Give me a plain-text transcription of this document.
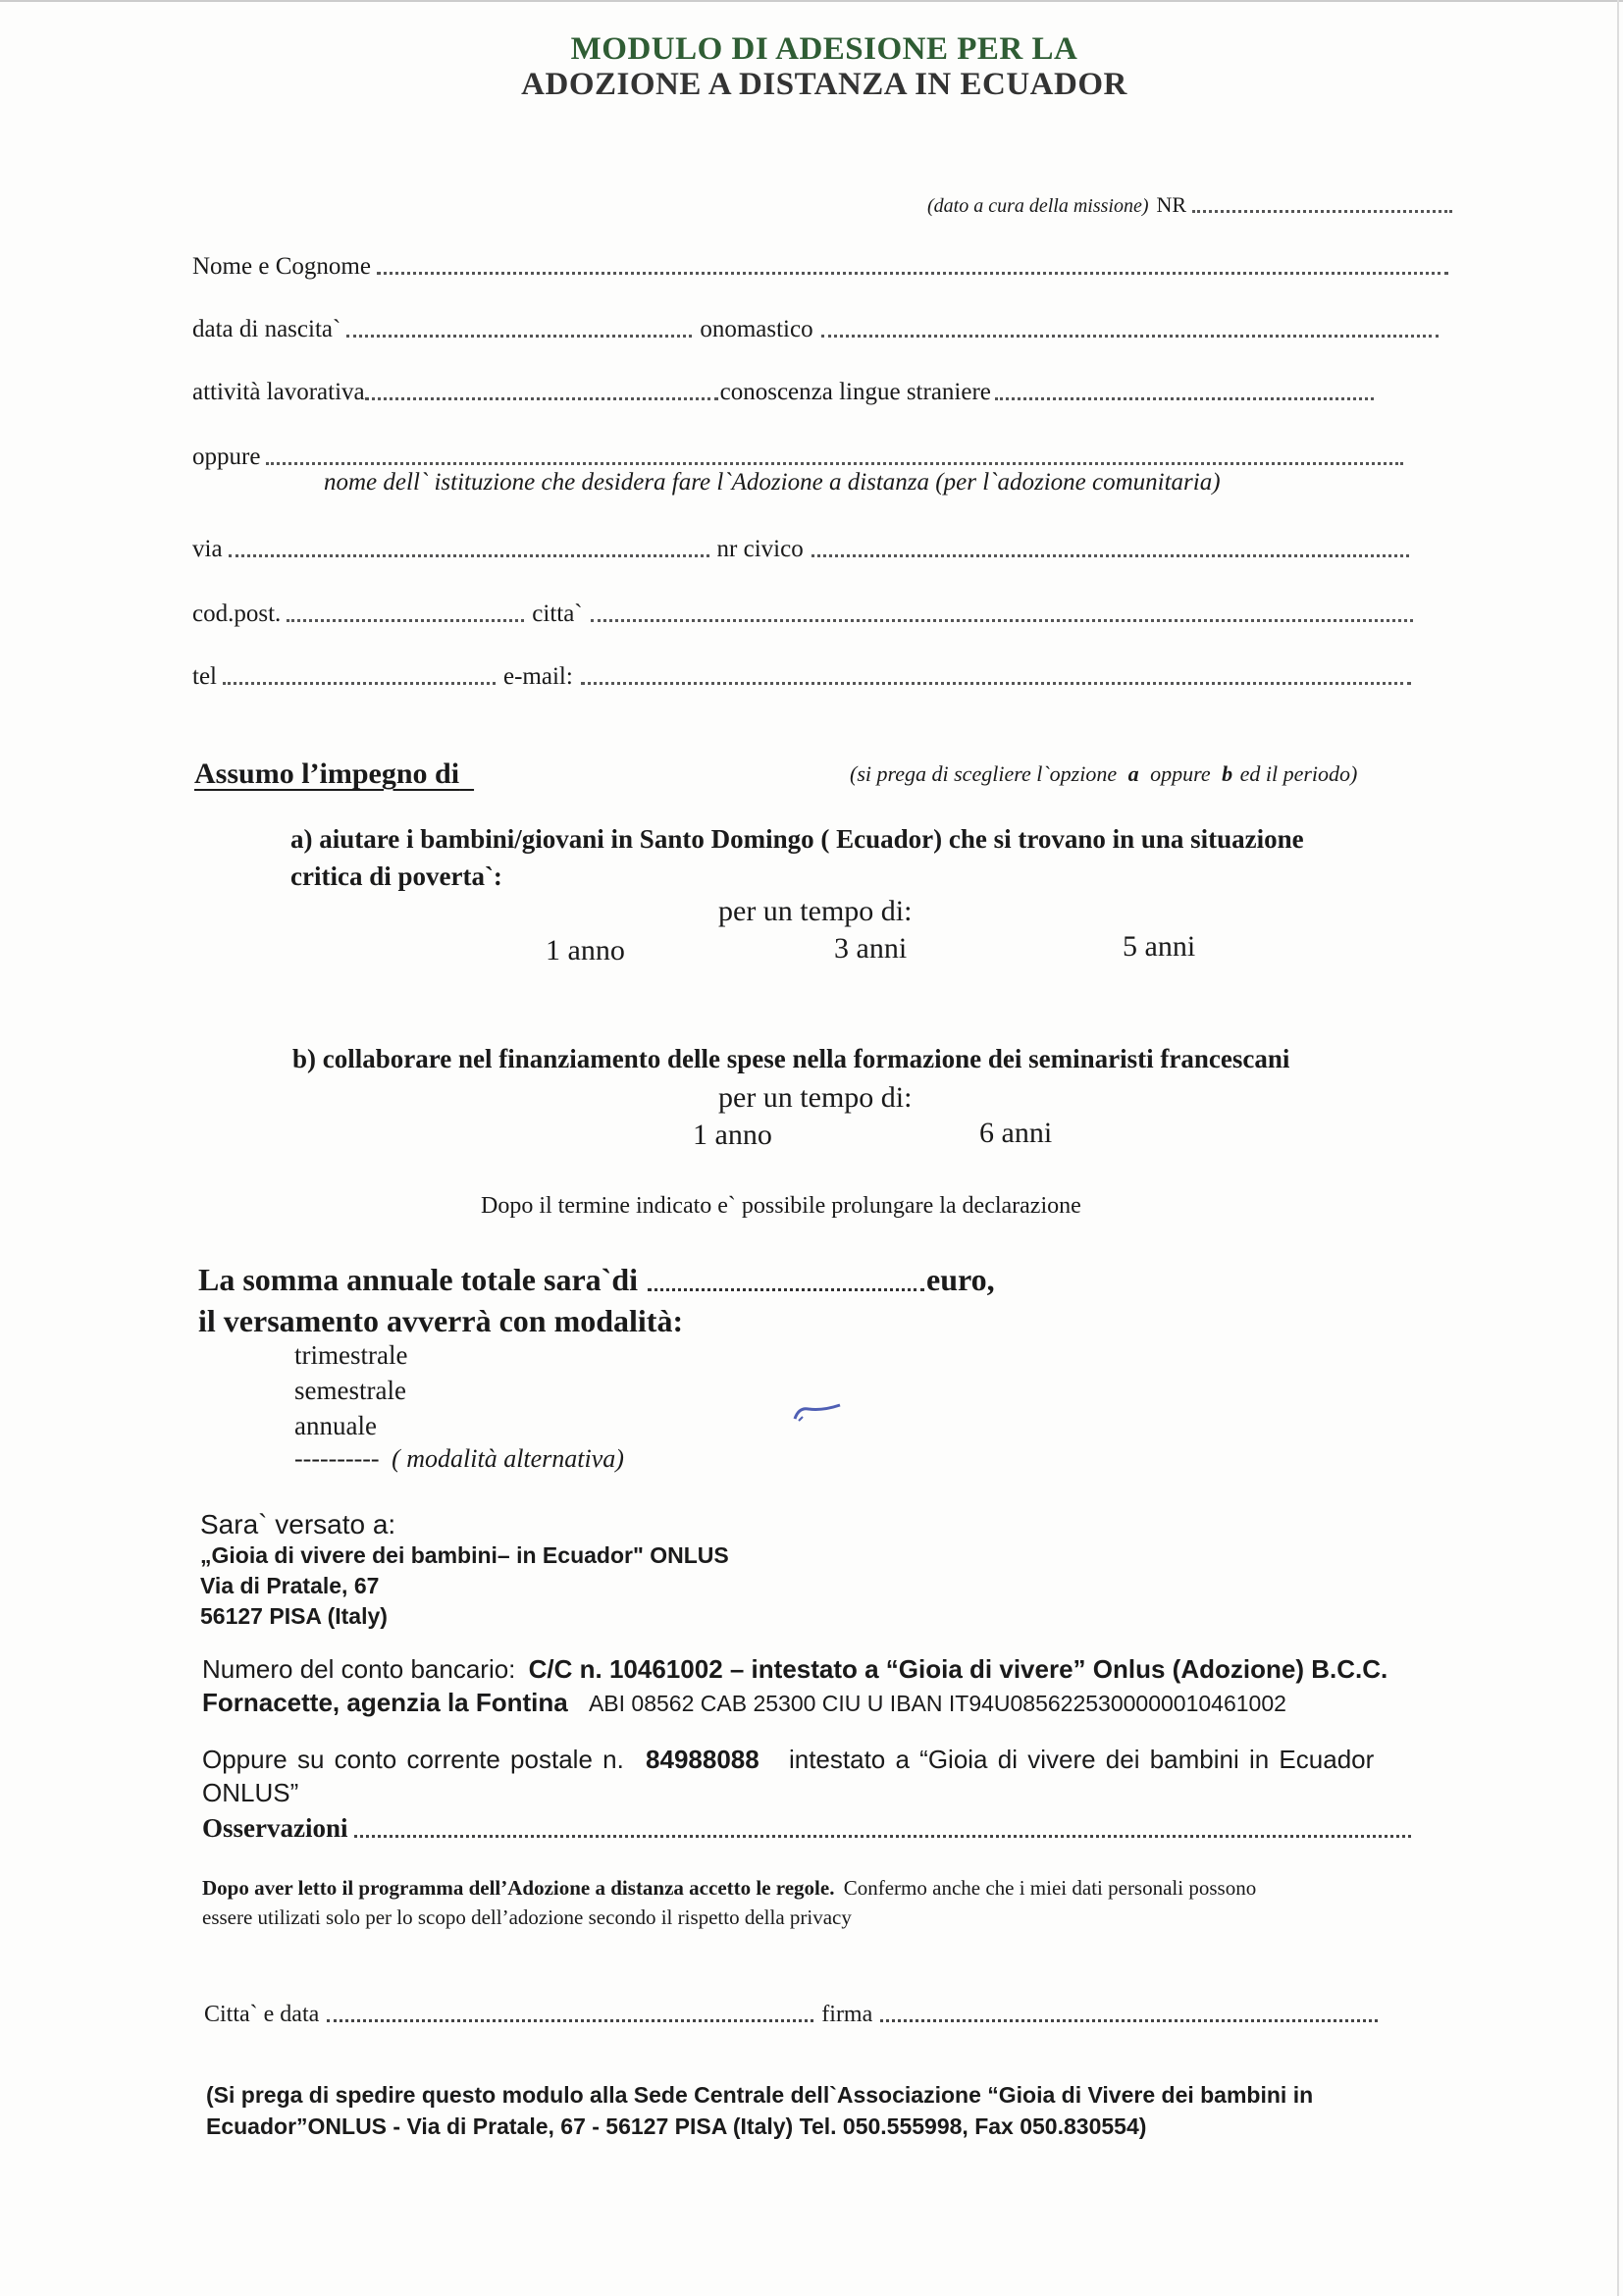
MODULO DI ADESIONE PER LA
ADOZIONE A DISTANZA IN ECUADOR
(dato a cura della missione) NR
Nome e Cognome
data di nascita`	onomastico
attività lavorativa	conoscenza lingue straniere
oppure
nome dell` istituzione che desidera fare l`Adozione a distanza (per l`adozione comunitaria)
via	nr civico
cod.post.	citta`
tel	e-mail:
Assumo l’impegno di	(si prega di scegliere l`opzione a oppure b ed il periodo)
a) aiutare i bambini/giovani in Santo Domingo ( Ecuador) che si trovano in una situazione
critica di poverta`:
per un tempo di:
1 anno	3 anni	5 anni
b) collaborare nel finanziamento delle spese nella formazione dei seminaristi francescani
per un tempo di:
1 anno	6 anni
Dopo il termine indicato e` possibile prolungare la declarazione
La somma annuale totale sara`di	euro,
il versamento avverrà con modalità:
trimestrale
semestrale
annuale
---------- ( modalità alternativa)
Sara` versato a:
„Gioia di vivere dei bambini– in Ecuador" ONLUS
Via di Pratale, 67
56127 PISA (Italy)
Numero del conto bancario: C/C n. 10461002 – intestato a “Gioia di vivere” Onlus (Adozione) B.C.C.
Fornacette, agenzia la Fontina ABI 08562 CAB 25300 CIU U IBAN IT94U0856225300000010461002
Oppure su conto corrente postale n. 84988088 intestato a “Gioia di vivere dei bambini in Ecuador
ONLUS”
Osservazioni
Dopo aver letto il programma dell’Adozione a distanza accetto le regole. Confermo anche che i miei dati personali possono
essere utilizati solo per lo scopo dell’adozione secondo il rispetto della privacy
Citta` e data	firma
(Si prega di spedire questo modulo alla Sede Centrale dell`Associazione “Gioia di Vivere dei bambini in
Ecuador”ONLUS - Via di Pratale, 67 - 56127 PISA (Italy) Tel. 050.555998, Fax 050.830554)
